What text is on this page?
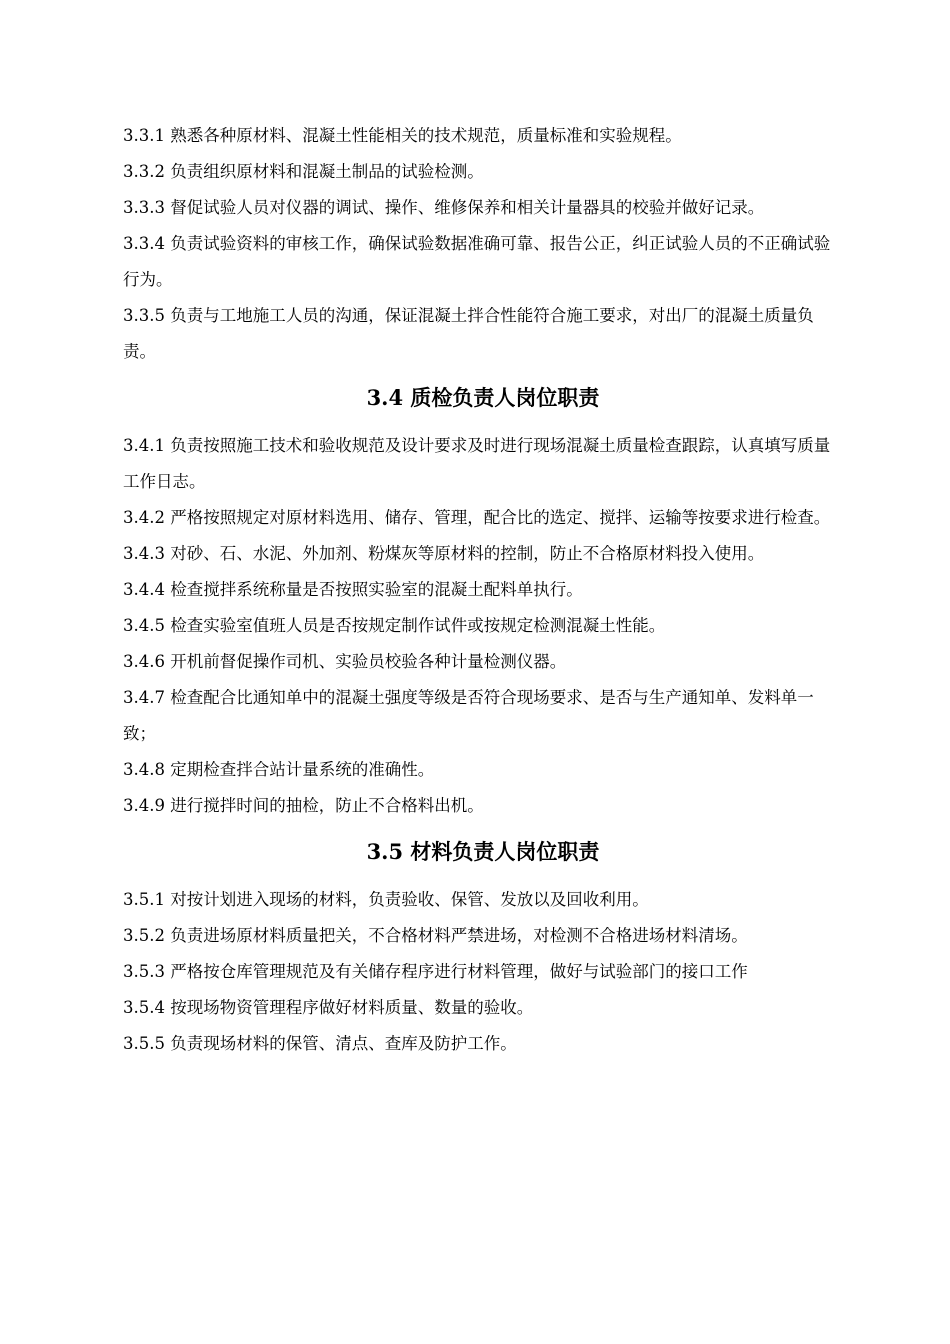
3.3.1 熟悉各种原材料、混凝土性能相关的技术规范，质量标准和实验规程。

3.3.2 负责组织原材料和混凝土制品的试验检测。

3.3.3 督促试验人员对仪器的调试、操作、维修保养和相关计量器具的校验并做好记录。

3.3.4 负责试验资料的审核工作，确保试验数据准确可靠、报告公正，纠正试验人员的不正确试验行为。

3.3.5 负责与工地施工人员的沟通，保证混凝土拌合性能符合施工要求，对出厂的混凝土质量负责。

3.4 质检负责人岗位职责

3.4.1 负责按照施工技术和验收规范及设计要求及时进行现场混凝土质量检查跟踪，认真填写质量工作日志。

3.4.2 严格按照规定对原材料选用、储存、管理，配合比的选定、搅拌、运输等按要求进行检查。

3.4.3 对砂、石、水泥、外加剂、粉煤灰等原材料的控制，防止不合格原材料投入使用。

3.4.4 检查搅拌系统称量是否按照实验室的混凝土配料单执行。

3.4.5 检查实验室值班人员是否按规定制作试件或按规定检测混凝土性能。

3.4.6 开机前督促操作司机、实验员校验各种计量检测仪器。

3.4.7 检查配合比通知单中的混凝土强度等级是否符合现场要求、是否与生产通知单、发料单一致；

3.4.8 定期检查拌合站计量系统的准确性。

3.4.9 进行搅拌时间的抽检，防止不合格料出机。

3.5 材料负责人岗位职责

3.5.1 对按计划进入现场的材料，负责验收、保管、发放以及回收利用。

3.5.2 负责进场原材料质量把关，不合格材料严禁进场，对检测不合格进场材料清场。

3.5.3 严格按仓库管理规范及有关储存程序进行材料管理，做好与试验部门的接口工作

3.5.4 按现场物资管理程序做好材料质量、数量的验收。

3.5.5 负责现场材料的保管、清点、查库及防护工作。
